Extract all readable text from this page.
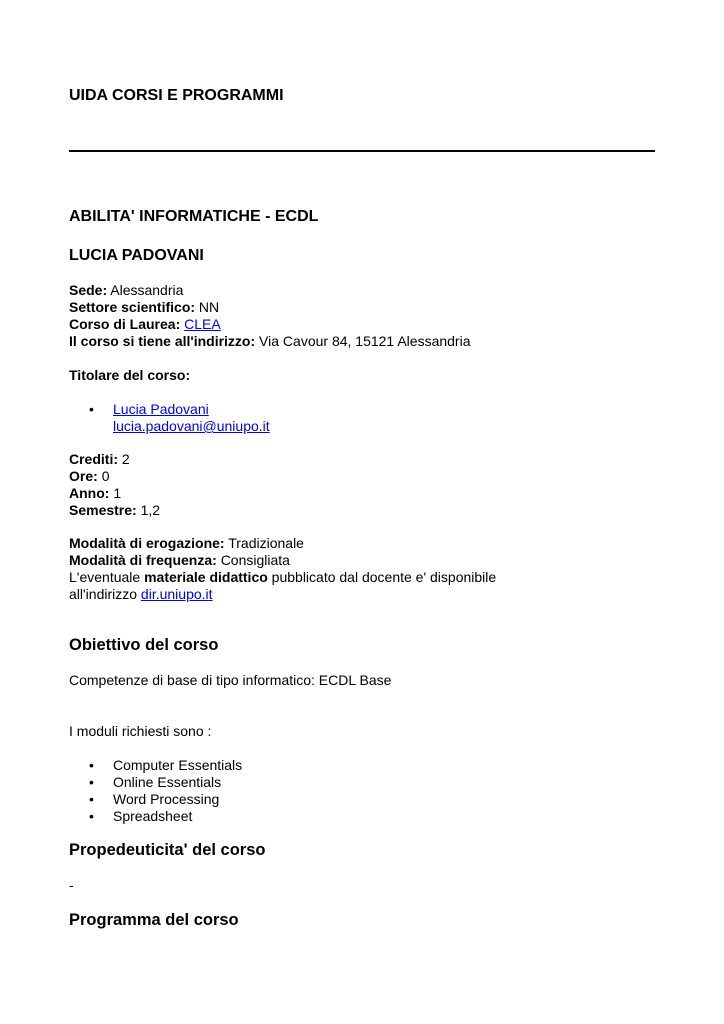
UIDA CORSI E PROGRAMMI
ABILITA' INFORMATICHE - ECDL
LUCIA PADOVANI
Sede: Alessandria
Settore scientifico: NN
Corso di Laurea: CLEA
Il corso si tiene all'indirizzo: Via Cavour 84, 15121 Alessandria
Titolare del corso:
• Lucia Padovani
lucia.padovani@uniupo.it
Crediti: 2
Ore: 0
Anno: 1
Semestre: 1,2
Modalità di erogazione: Tradizionale
Modalità di frequenza: Consigliata
L'eventuale materiale didattico pubblicato dal docente e' disponibile
all'indirizzo dir.uniupo.it
Obiettivo del corso
Competenze di base di tipo informatico: ECDL Base
I moduli richiesti sono :
• Computer Essentials
• Online Essentials
• Word Processing
• Spreadsheet
Propedeuticita' del corso
-
Programma del corso
